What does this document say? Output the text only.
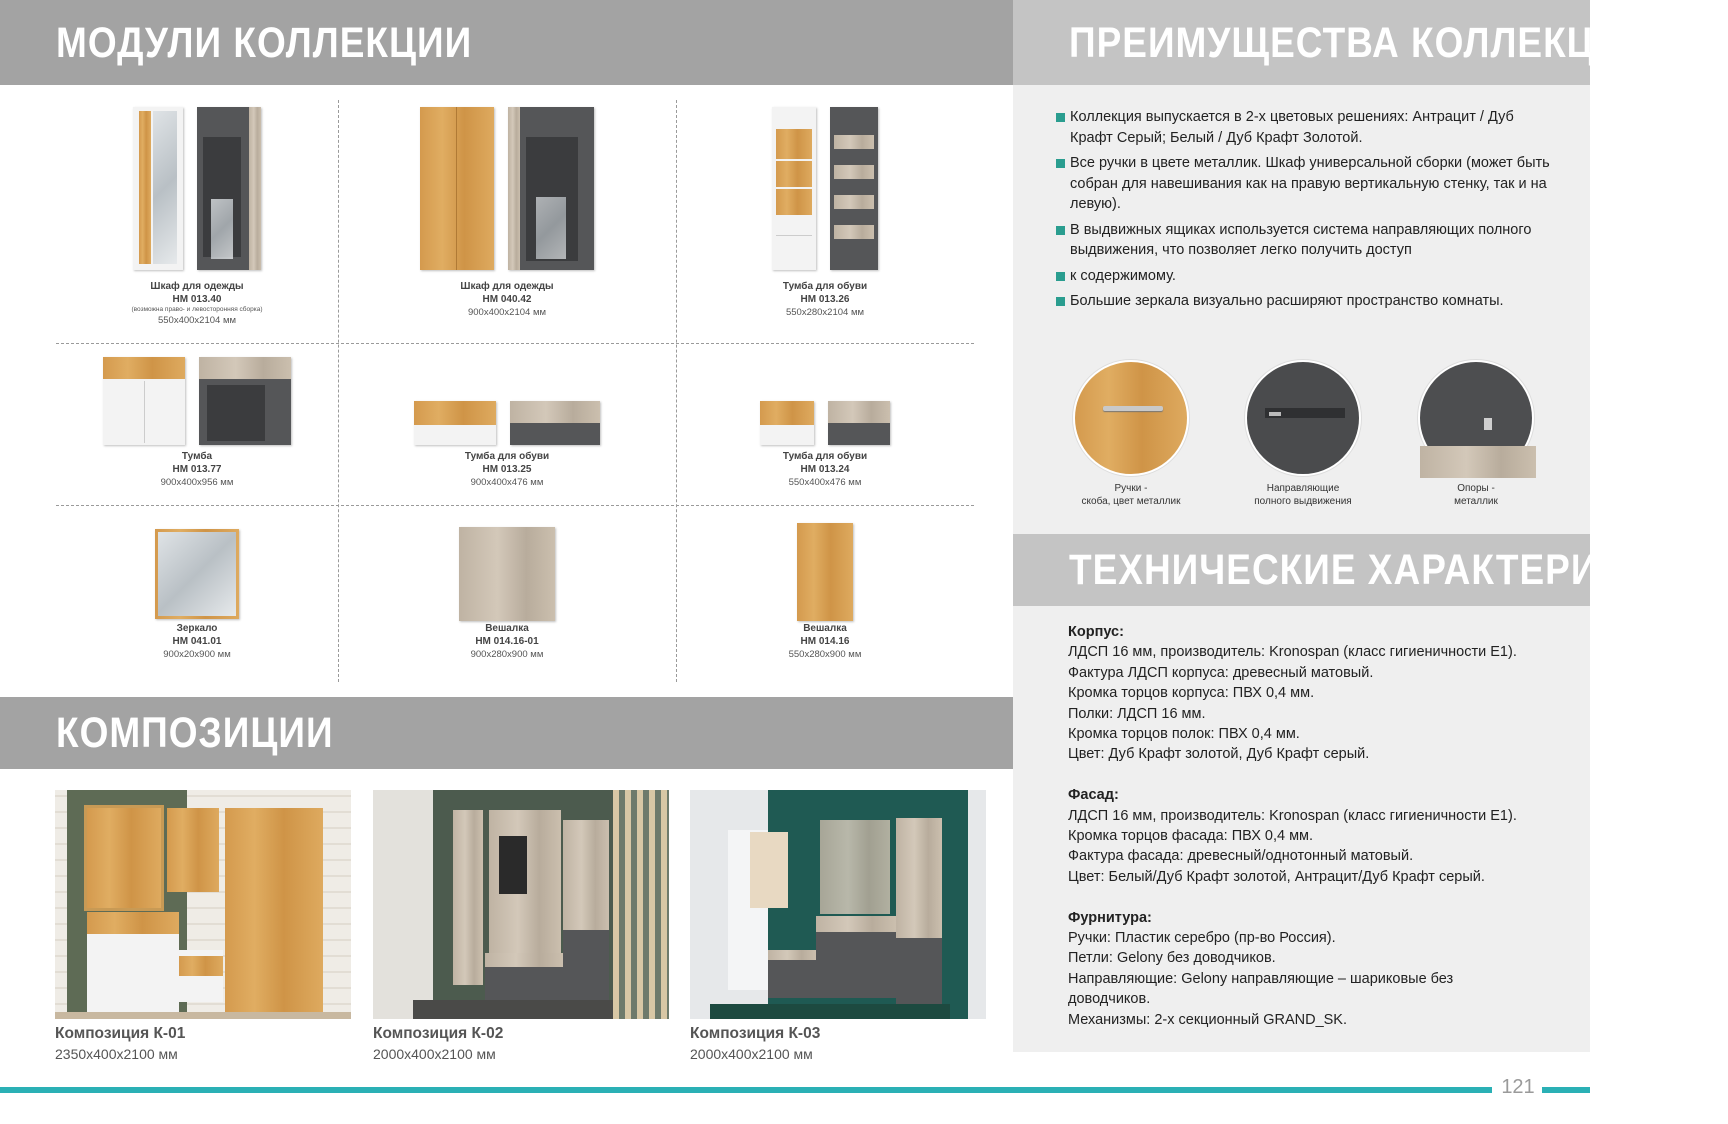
МОДУЛИ КОЛЛЕКЦИИ	ПРЕИМУЩЕСТВА КОЛЛЕКЦИИ
КОМПОЗИЦИИ
ТЕХНИЧЕСКИЕ ХАРАКТЕРИСТИКИ
Шкаф для одежды
НМ 013.40
(возможна право- и левосторонняя сборка)
550x400x2104 мм
Шкаф для одежды
НМ 040.42
900x400x2104 мм
Тумба для обуви
НМ 013.26
550x280x2104 мм
Тумба
НМ 013.77
900x400x956 мм
Тумба для обуви
НМ 013.25
900x400x476 мм
Тумба для обуви
НМ 013.24
550x400x476 мм
Зеркало
НМ 041.01
900x20x900 мм
Вешалка
НМ 014.16-01
900x280x900 мм
Вешалка
НМ 014.16
550x280x900 мм
Коллекция выпускается в 2-х цветовых решениях: Антрацит / Дуб Крафт Серый; Белый / Дуб Крафт Золотой.
Все ручки в цвете металлик. Шкаф универсальной сборки (может быть собран для навешивания как на правую вертикальную стенку, так и на левую).
В выдвижных ящиках используется система направляющих полного выдвижения, что позволяет легко получить доступ
к содержимому.
Большие зеркала визуально расширяют пространство комнаты.
Ручки -
скоба, цвет металлик
Направляющие
полного выдвижения
Опоры -
металлик
Корпус:
ЛДСП 16 мм, производитель: Kronospan (класс гигиеничности Е1).
Фактура ЛДСП корпуса: древесный матовый.
Кромка торцов корпуса: ПВХ 0,4 мм.
Полки: ЛДСП 16 мм.
Кромка торцов полок: ПВХ 0,4 мм.
Цвет: Дуб Крафт золотой, Дуб Крафт серый.
Фасад:
ЛДСП 16 мм, производитель: Kronospan (класс гигиеничности Е1).
Кромка торцов фасада: ПВХ 0,4 мм.
Фактура фасада: древесный/однотонный матовый.
Цвет: Белый/Дуб Крафт золотой, Антрацит/Дуб Крафт серый.
Фурнитура:
Ручки: Пластик серебро (пр-во Россия).
Петли: Gelony без доводчиков.
Направляющие: Gelony направляющие – шариковые без
доводчиков.
Механизмы: 2-х секционный GRAND_SK.
Композиция К-01
2350x400x2100 мм
Композиция К-02
2000x400x2100 мм
Композиция К-03
2000x400x2100 мм
121
